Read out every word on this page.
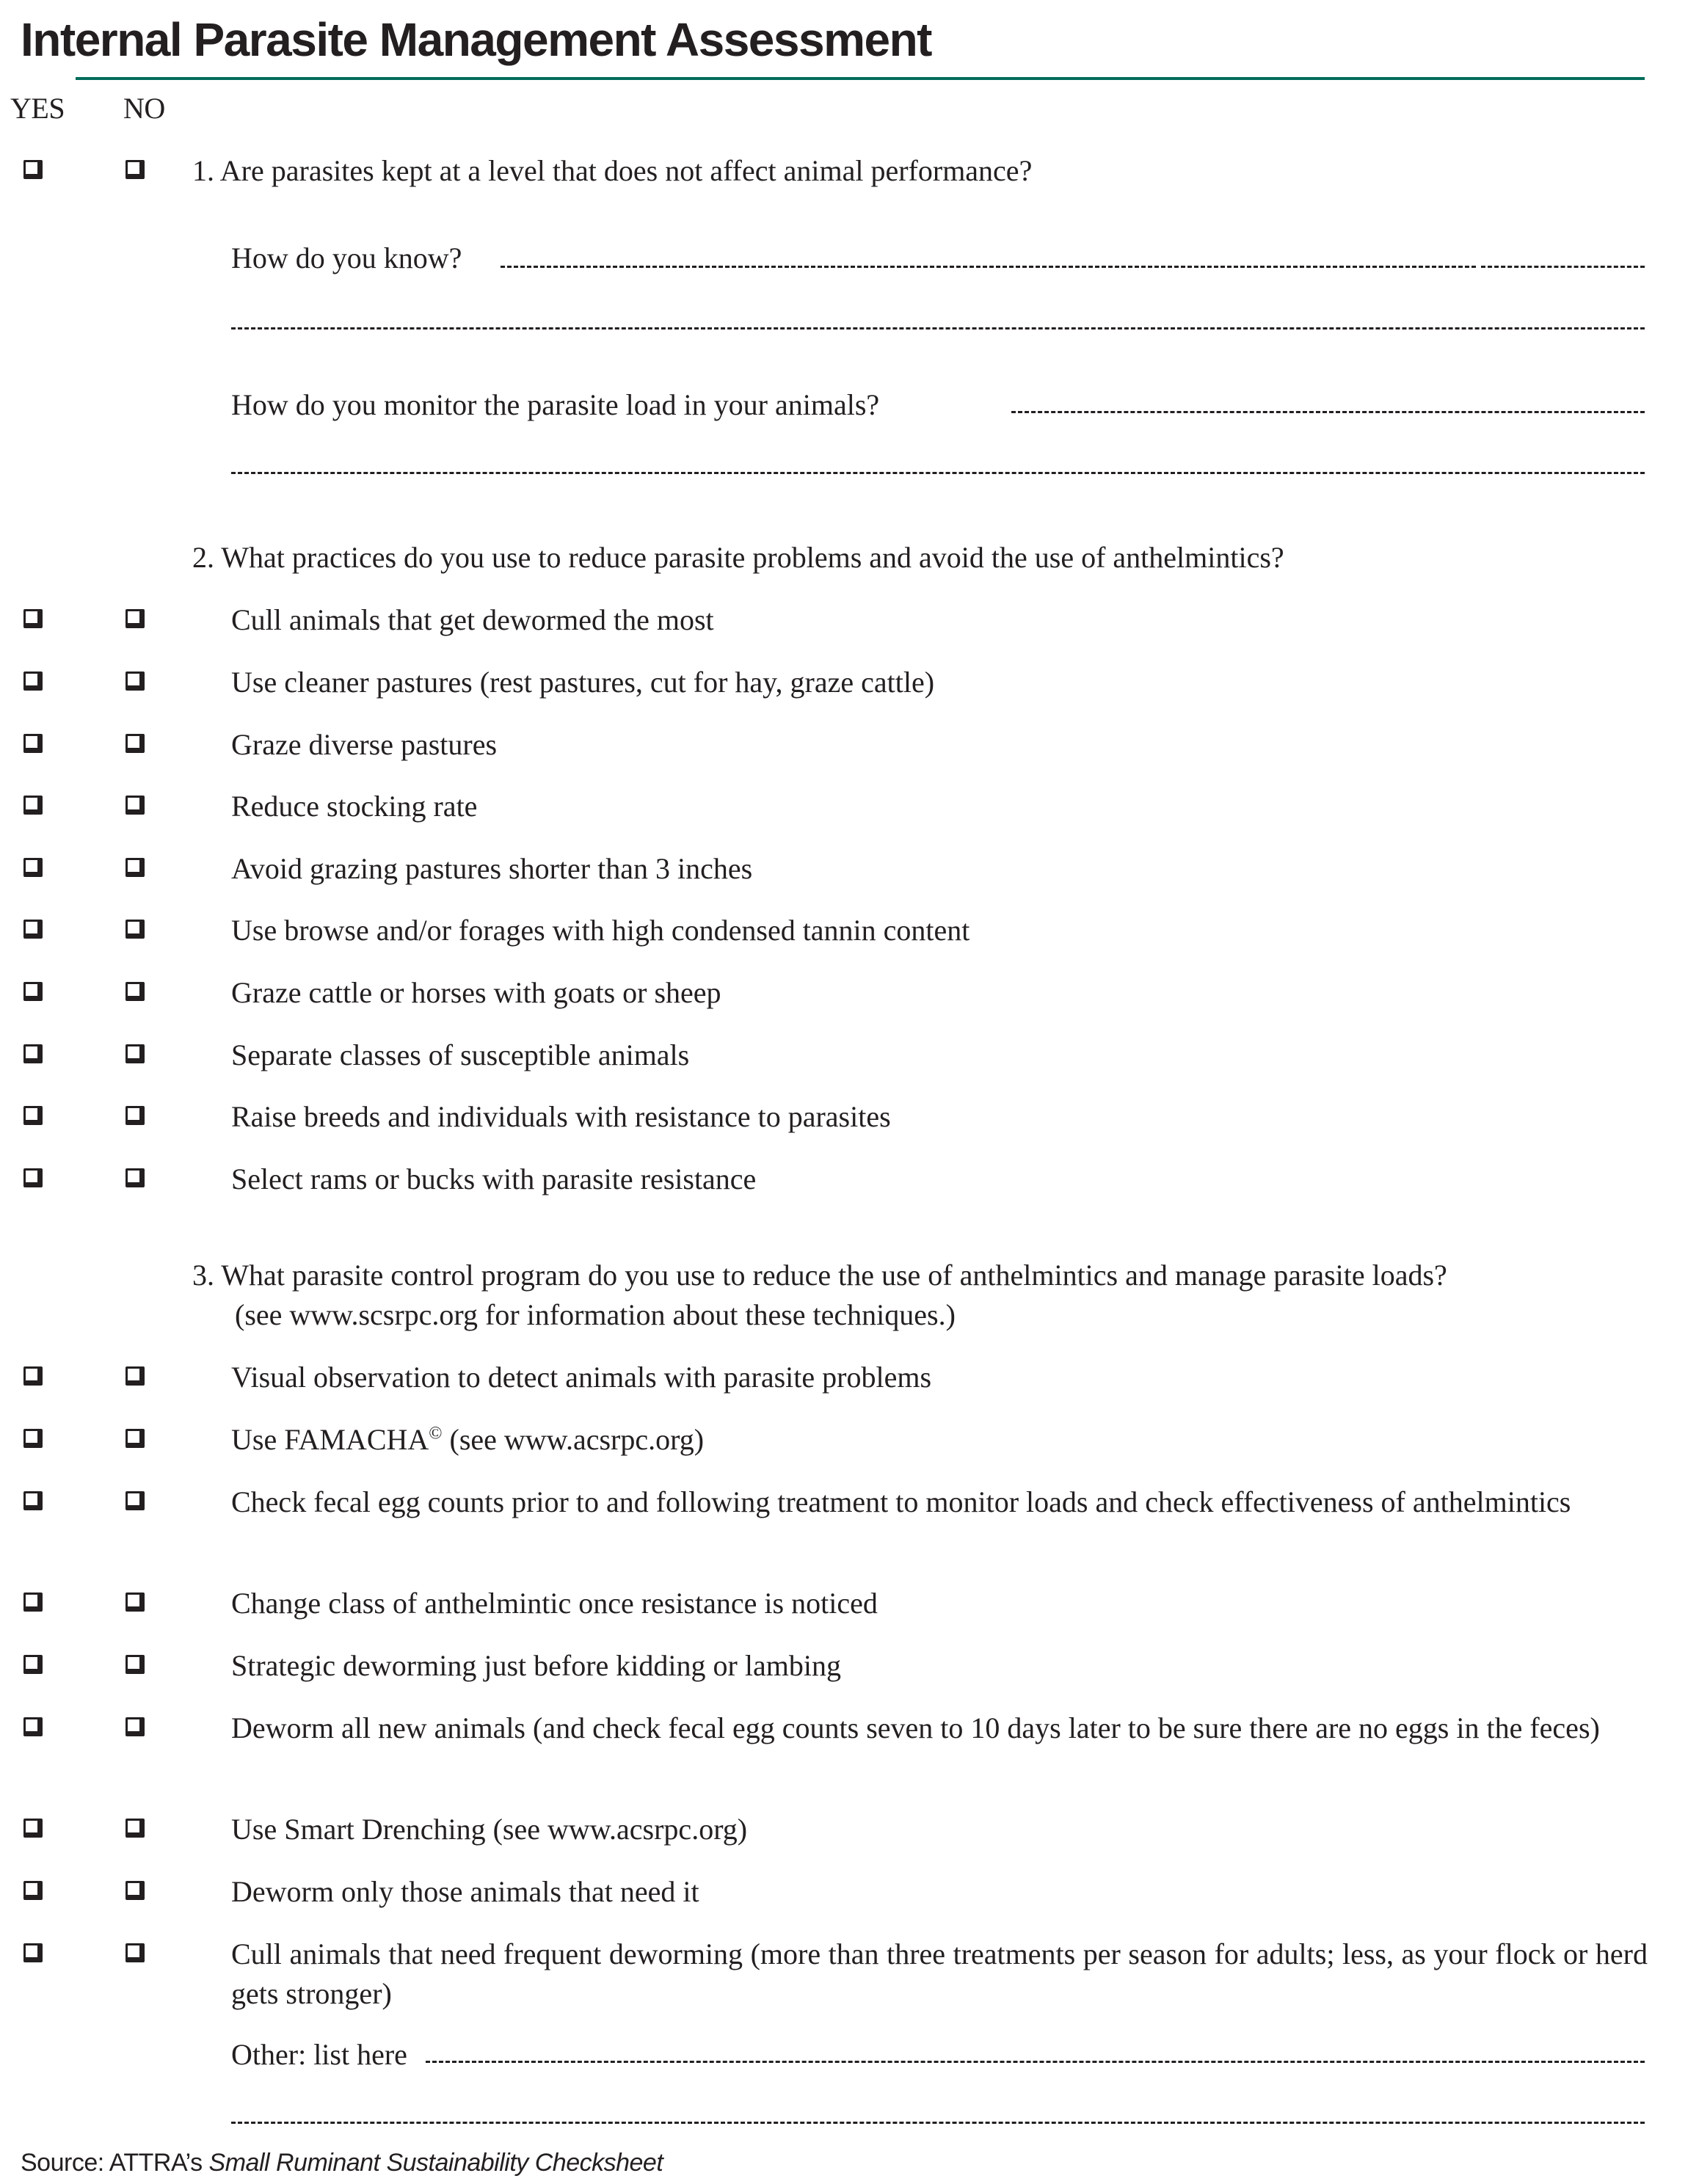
Internal Parasite Management Assessment
YES NO
1. Are parasites kept at a level that does not affect animal performance?
How do you know?
How do you monitor the parasite load in your animals?
2. What practices do you use to reduce parasite problems and avoid the use of anthelmintics?
Cull animals that get dewormed the most
Use cleaner pastures (rest pastures, cut for hay, graze cattle)
Graze diverse pastures
Reduce stocking rate
Avoid grazing pastures shorter than 3 inches
Use browse and/or forages with high condensed tannin content
Graze cattle or horses with goats or sheep
Separate classes of susceptible animals
Raise breeds and individuals with resistance to parasites
Select rams or bucks with parasite resistance
3. What parasite control program do you use to reduce the use of anthelmintics and manage parasite loads?
(see www.scsrpc.org for information about these techniques.)
Visual observation to detect animals with parasite problems
Use FAMACHA© (see www.acsrpc.org)
Check fecal egg counts prior to and following treatment to monitor loads and check effectiveness of anthelmintics
Change class of anthelmintic once resistance is noticed
Strategic deworming just before kidding or lambing
Deworm all new animals (and check fecal egg counts seven to 10 days later to be sure there are no eggs in the feces)
Use Smart Drenching (see www.acsrpc.org)
Deworm only those animals that need it
Cull animals that need frequent deworming (more than three treatments per season for adults; less, as your flock or herd gets stronger)
Other: list here
Source: ATTRA’s Small Ruminant Sustainability Checksheet
